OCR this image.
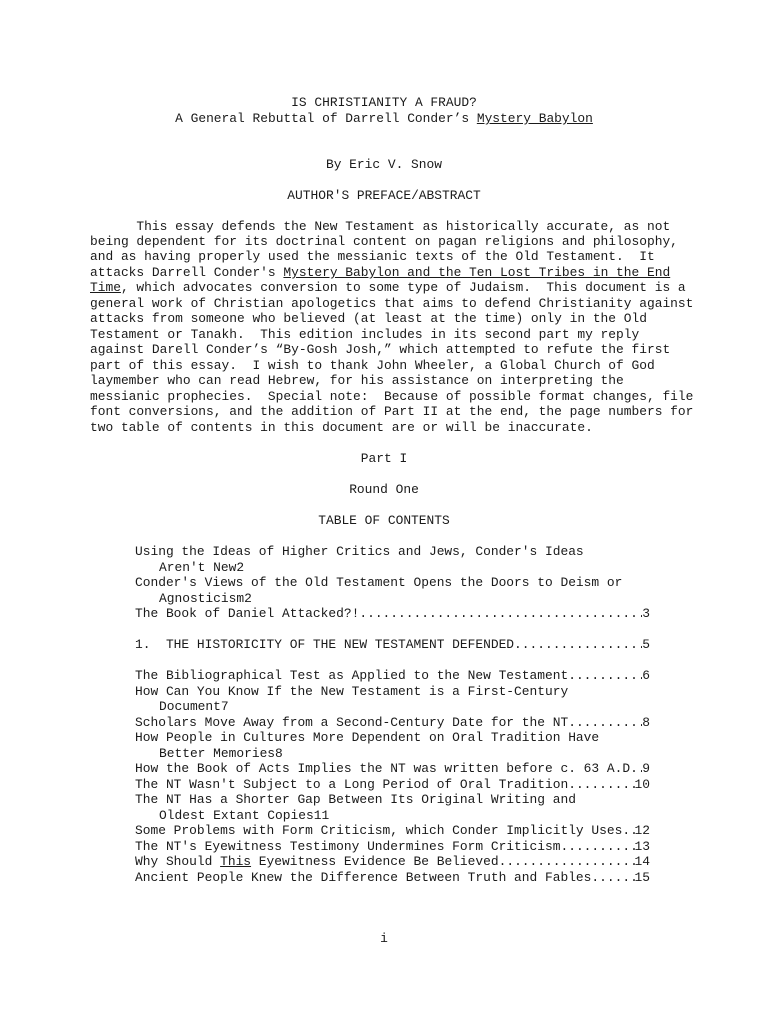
IS CHRISTIANITY A FRAUD?
A General Rebuttal of Darrell Conder’s Mystery Babylon
By Eric V. Snow
AUTHOR'S PREFACE/ABSTRACT
This essay defends the New Testament as historically accurate, as not
being dependent for its doctrinal content on pagan religions and philosophy,
and as having properly used the messianic texts of the Old Testament.  It
attacks Darrell Conder's Mystery Babylon and the Ten Lost Tribes in the End
Time, which advocates conversion to some type of Judaism.  This document is a
general work of Christian apologetics that aims to defend Christianity against
attacks from someone who believed (at least at the time) only in the Old
Testament or Tanakh.  This edition includes in its second part my reply
against Darell Conder’s “By-Gosh Josh,” which attempted to refute the first
part of this essay.  I wish to thank John Wheeler, a Global Church of God
laymember who can read Hebrew, for his assistance on interpreting the
messianic prophecies.  Special note:  Because of possible format changes, file
font conversions, and the addition of Part II at the end, the page numbers for
two table of contents in this document are or will be inaccurate.
Part I
Round One
TABLE OF CONTENTS
Using the Ideas of Higher Critics and Jews, Conder's Ideas
Aren't New 2
Conder's Views of the Old Testament Opens the Doors to Deism or
Agnosticism 2
The Book of Daniel Attacked?! .....	3
1.  THE HISTORICITY OF THE NEW TESTAMENT DEFENDED .....	5
The Bibliographical Test as Applied to the New Testament .....	6
How Can You Know If the New Testament is a First-Century
Document 7
Scholars Move Away from a Second-Century Date for the NT .....	8
How People in Cultures More Dependent on Oral Tradition Have
Better Memories 8
How the Book of Acts Implies the NT was written before c. 63 A.D. ..... 9
The NT Wasn't Subject to a Long Period of Oral Tradition .....	10
The NT Has a Shorter Gap Between Its Original Writing and
Oldest Extant Copies 11
Some Problems with Form Criticism, which Conder Implicitly Uses ..... 12
The NT's Eyewitness Testimony Undermines Form Criticism .....	13
Why Should This Eyewitness Evidence Be Believed .....	14
Ancient People Knew the Difference Between Truth and Fables .....	15
i
